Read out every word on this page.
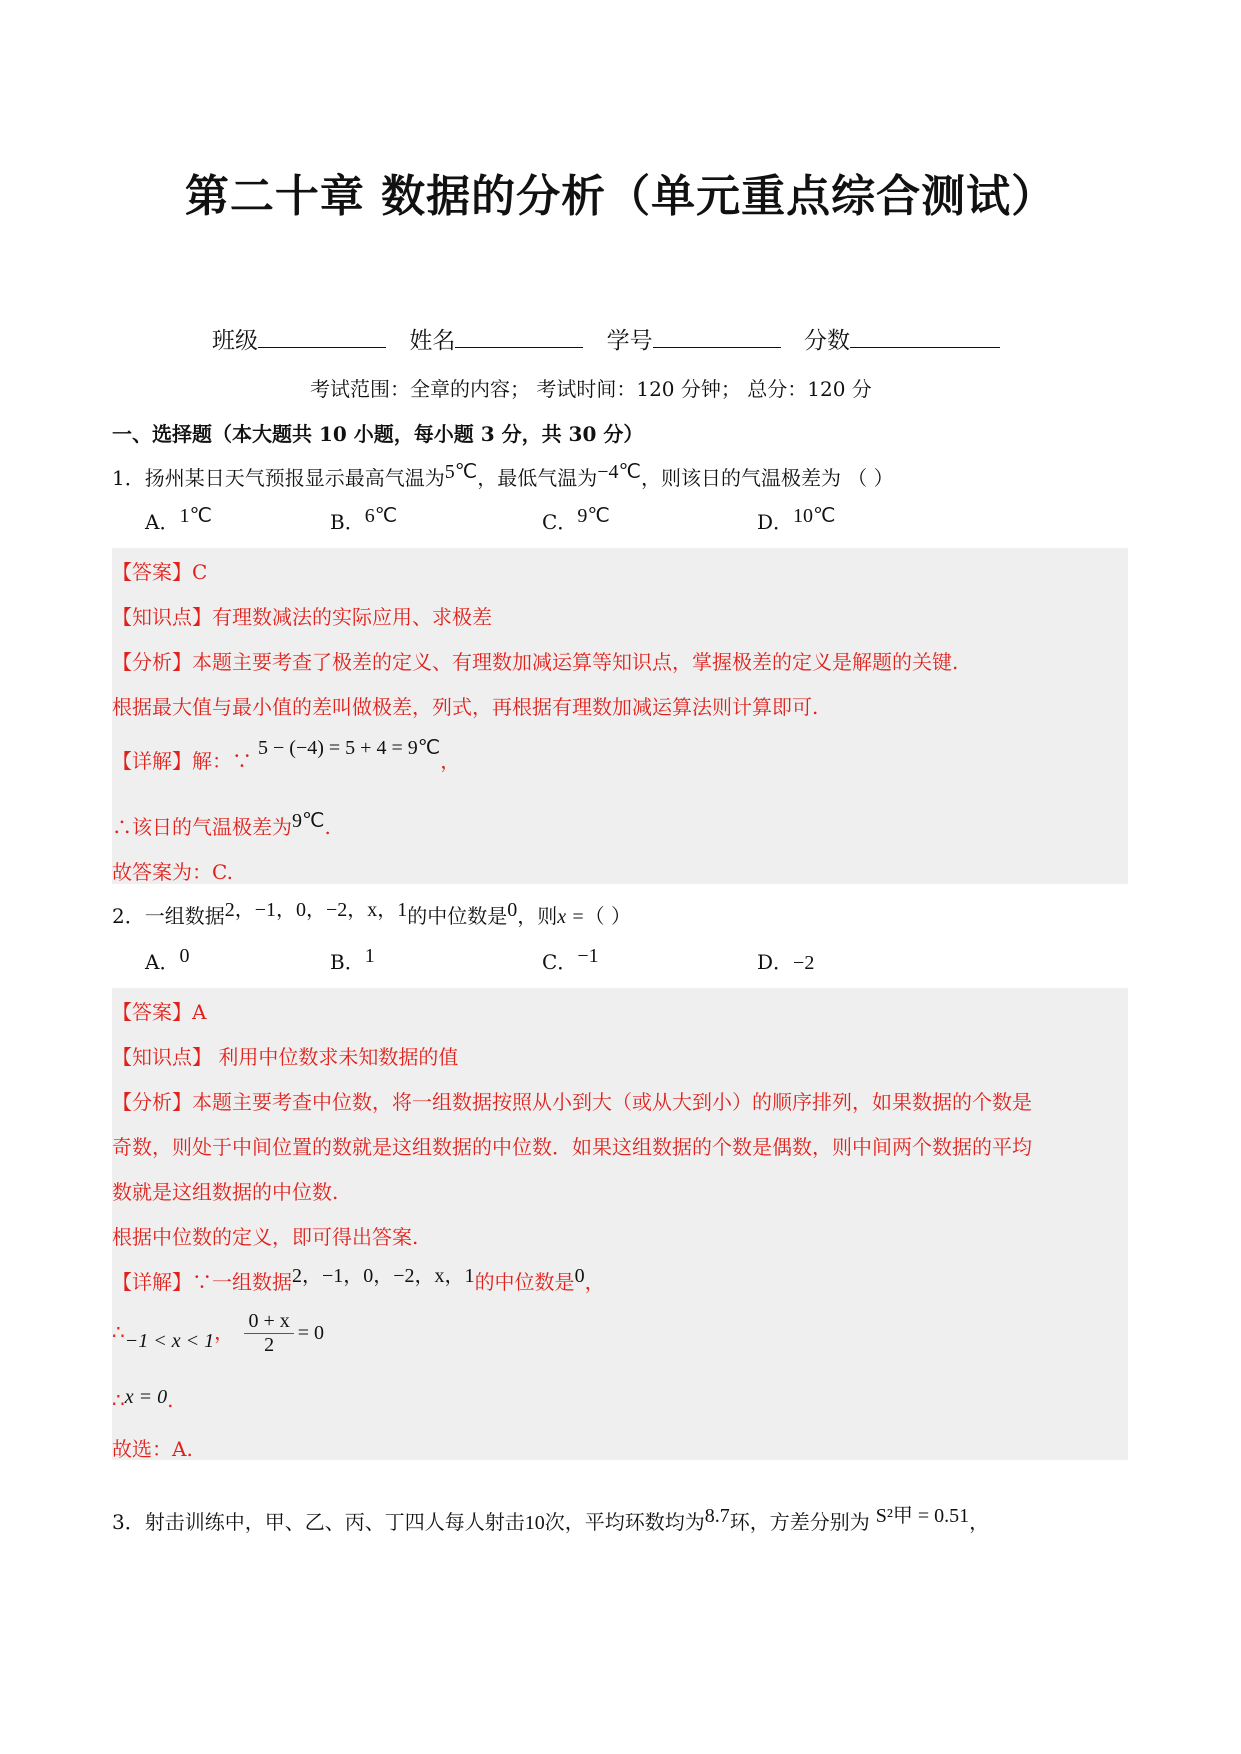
第二十章 数据的分析（单元重点综合测试）
班级	姓名	学号	分数
考试范围：全章的内容； 考试时间：120 分钟； 总分：120 分
一、选择题（本大题共 10 小题，每小题 3 分，共 30 分）
1．扬州某日天气预报显示最高气温为5℃，最低气温为−4℃，则该日的气温极差为 （ ）
A．1℃	B．6℃	C．9℃	D．10℃
【答案】C
【知识点】有理数减法的实际应用、求极差
【分析】本题主要考查了极差的定义、有理数加减运算等知识点，掌握极差的定义是解题的关键.
根据最大值与最小值的差叫做极差，列式，再根据有理数加减运算法则计算即可.
【详解】解：∵5 − (−4) = 5 + 4 = 9℃，
∴该日的气温极差为9℃.
故答案为：C.
2．一组数据2，−1，0，−2，x，1的中位数是0，则x =（ ）
A．0	B．1	C．−1	D．−2
【答案】A
【知识点】 利用中位数求未知数据的值
【分析】本题主要考查中位数，将一组数据按照从小到大（或从大到小）的顺序排列，如果数据的个数是
奇数，则处于中间位置的数就是这组数据的中位数．如果这组数据的个数是偶数，则中间两个数据的平均
数就是这组数据的中位数.
根据中位数的定义，即可得出答案.
【详解】∵一组数据2，−1，0，−2，x，1的中位数是0，
∴−1 < x < 1， $\frac{0 + x}{2} = 0$
∴x = 0.
故选：A.
3．射击训练中，甲、乙、丙、丁四人每人射击10次，平均环数均为8.7环，方差分别为 S²甲 = 0.51，
